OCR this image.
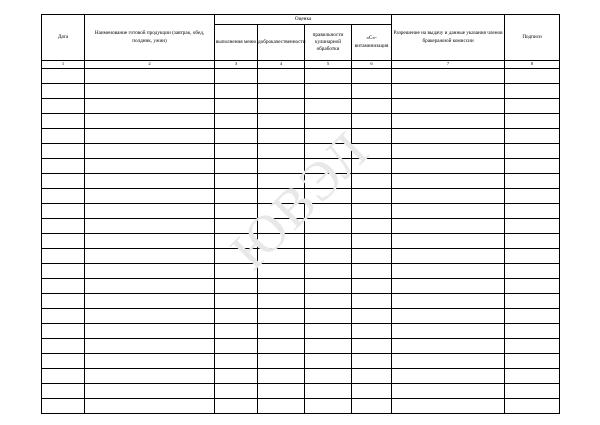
ЮВЭЛ
Дата	Наименование готовой продукции (завтрак, обед, полдник, ужин)	Оценка				Разрешение на выдачу и данные указания членов бракеражной комиссии	Подписи
		выполнения меню	доброкачественности	правильности кулинарной обработки	«С»-витаминизация		
1	2	3	4	5	6	7	8
